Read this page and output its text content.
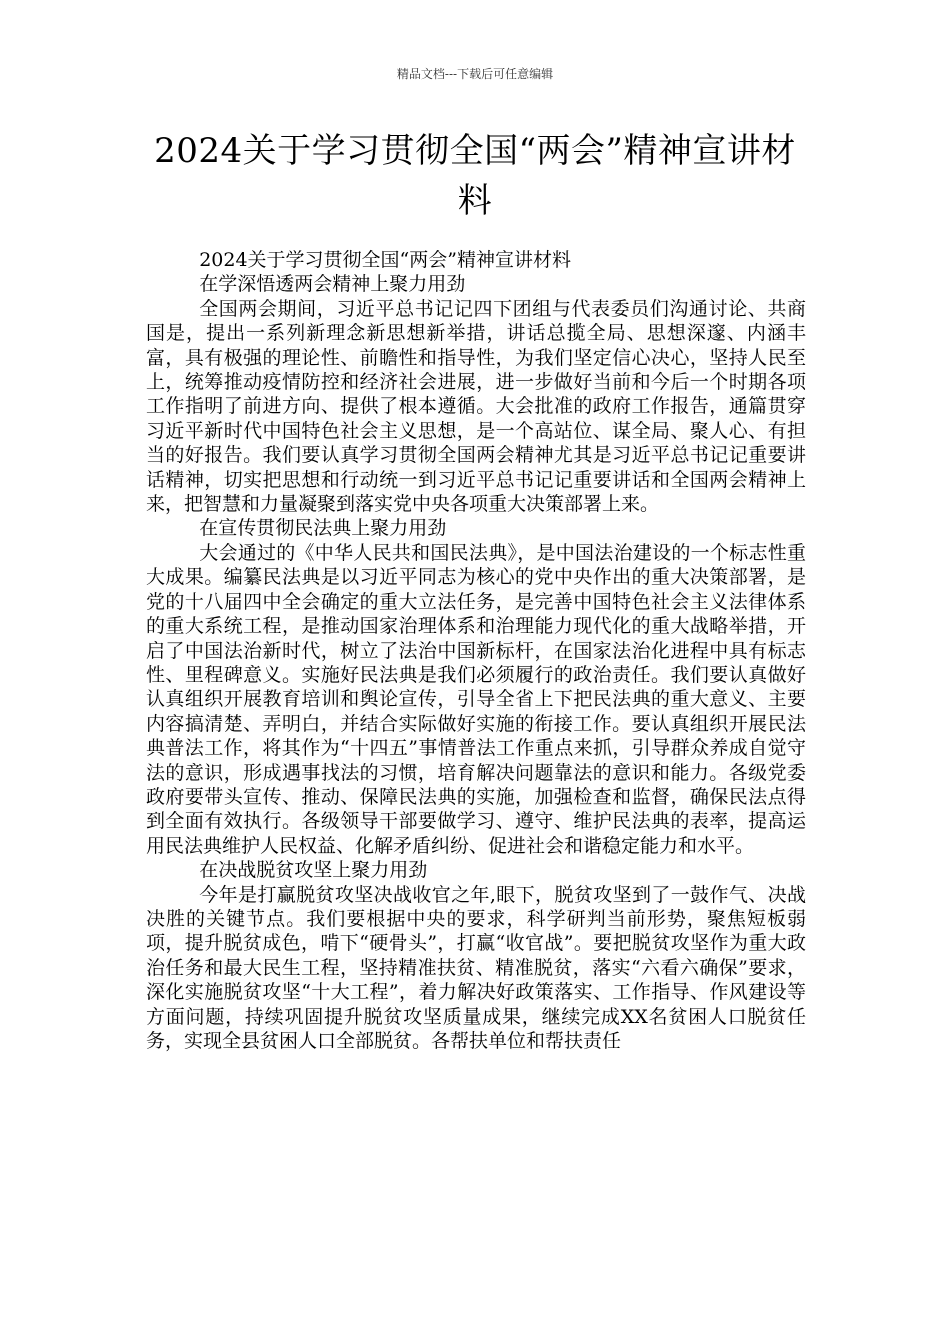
精品文档---下载后可任意编辑
2024关于学习贯彻全国“两会”精神宣讲材料

2024关于学习贯彻全国“两会”精神宣讲材料

在学深悟透两会精神上聚力用劲

全国两会期间，习近平总书记记四下团组与代表委员们沟通讨论、共商国是，提出一系列新理念新思想新举措，讲话总揽全局、思想深邃、内涵丰富，具有极强的理论性、前瞻性和指导性，为我们坚定信心决心，坚持人民至上，统筹推动疫情防控和经济社会进展，进一步做好当前和今后一个时期各项工作指明了前进方向、提供了根本遵循。大会批准的政府工作报告，通篇贯穿习近平新时代中国特色社会主义思想，是一个高站位、谋全局、聚人心、有担当的好报告。我们要认真学习贯彻全国两会精神尤其是习近平总书记记重要讲话精神，切实把思想和行动统一到习近平总书记记重要讲话和全国两会精神上来，把智慧和力量凝聚到落实党中央各项重大决策部署上来。

在宣传贯彻民法典上聚力用劲

大会通过的《中华人民共和国民法典》，是中国法治建设的一个标志性重大成果。编纂民法典是以习近平同志为核心的党中央作出的重大决策部署，是党的十八届四中全会确定的重大立法任务，是完善中国特色社会主义法律体系的重大系统工程，是推动国家治理体系和治理能力现代化的重大战略举措，开启了中国法治新时代，树立了法治中国新标杆，在国家法治化进程中具有标志性、里程碑意义。实施好民法典是我们必须履行的政治责任。我们要认真做好认真组织开展教育培训和舆论宣传，引导全省上下把民法典的重大意义、主要内容搞清楚、弄明白，并结合实际做好实施的衔接工作。要认真组织开展民法典普法工作，将其作为“十四五”事情普法工作重点来抓，引导群众养成自觉守法的意识，形成遇事找法的习惯，培育解决问题靠法的意识和能力。各级党委政府要带头宣传、推动、保障民法典的实施，加强检查和监督，确保民法点得到全面有效执行。各级领导干部要做学习、遵守、维护民法典的表率，提高运用民法典维护人民权益、化解矛盾纠纷、促进社会和谐稳定能力和水平。

在决战脱贫攻坚上聚力用劲

今年是打赢脱贫攻坚决战收官之年,眼下，脱贫攻坚到了一鼓作气、决战决胜的关键节点。我们要根据中央的要求，科学研判当前形势，聚焦短板弱项，提升脱贫成色，啃下“硬骨头”，打赢“收官战”。要把脱贫攻坚作为重大政治任务和最大民生工程，坚持精准扶贫、精准脱贫，落实“六看六确保”要求，深化实施脱贫攻坚“十大工程”，着力解决好政策落实、工作指导、作风建设等方面问题，持续巩固提升脱贫攻坚质量成果，继续完成XX名贫困人口脱贫任务，实现全县贫困人口全部脱贫。各帮扶单位和帮扶责任
